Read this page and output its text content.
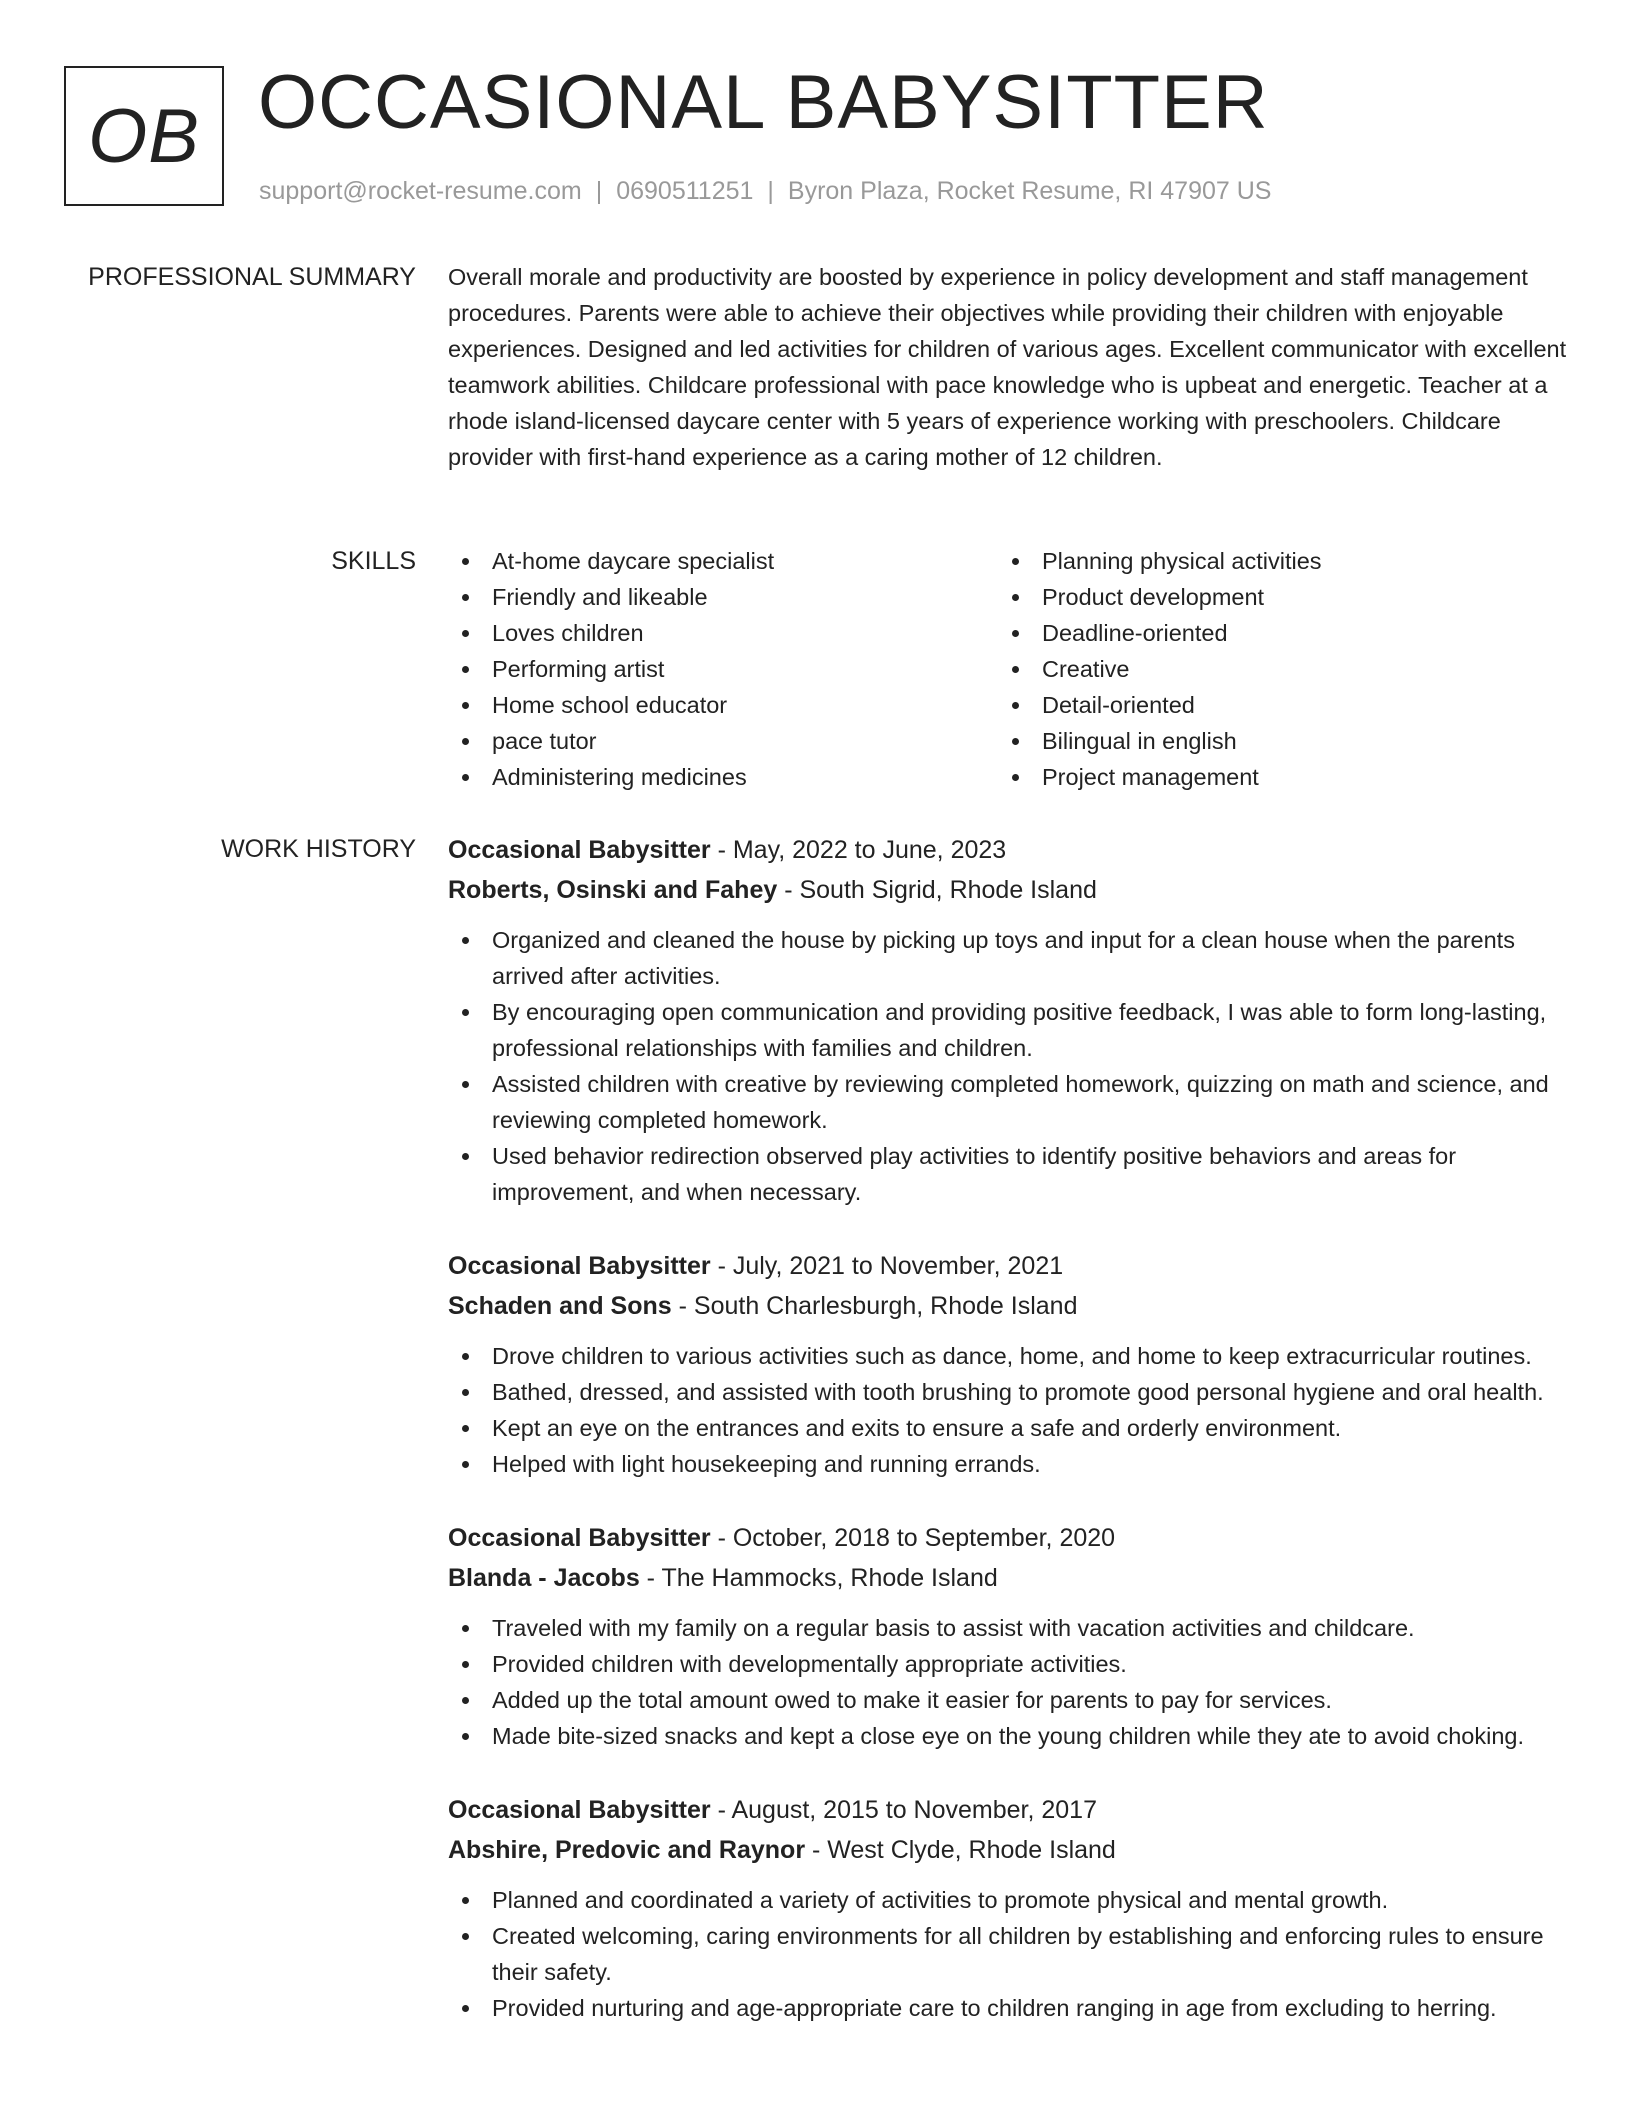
OB OCCASIONAL BABYSITTER
support@rocket-resume.com | 0690511251 | Byron Plaza, Rocket Resume, RI 47907 US
PROFESSIONAL SUMMARY Overall morale and productivity are boosted by experience in policy development and staff management procedures. Parents were able to achieve their objectives while providing their children with enjoyable experiences. Designed and led activities for children of various ages. Excellent communicator with excellent teamwork abilities. Childcare professional with pace knowledge who is upbeat and energetic. Teacher at a rhode island-licensed daycare center with 5 years of experience working with preschoolers. Childcare provider with first-hand experience as a caring mother of 12 children.

SKILLS	At-home daycare specialist
Friendly and likeable
Loves children
Performing artist
Home school educator
pace tutor
Administering medicines
Planning physical activities
Product development
Deadline-oriented
Creative
Detail-oriented
Bilingual in english
Project management
WORK HISTORY Occasional Babysitter - May, 2022 to June, 2023
Roberts, Osinski and Fahey - South Sigrid, Rhode Island
Organized and cleaned the house by picking up toys and input for a clean house when the parents arrived after activities.
By encouraging open communication and providing positive feedback, I was able to form long-lasting, professional relationships with families and children.
Assisted children with creative by reviewing completed homework, quizzing on math and science, and reviewing completed homework.
Used behavior redirection observed play activities to identify positive behaviors and areas for improvement, and when necessary.
Occasional Babysitter - July, 2021 to November, 2021
Schaden and Sons - South Charlesburgh, Rhode Island
Drove children to various activities such as dance, home, and home to keep extracurricular routines.
Bathed, dressed, and assisted with tooth brushing to promote good personal hygiene and oral health.
Kept an eye on the entrances and exits to ensure a safe and orderly environment.
Helped with light housekeeping and running errands.
Occasional Babysitter - October, 2018 to September, 2020
Blanda - Jacobs - The Hammocks, Rhode Island
Traveled with my family on a regular basis to assist with vacation activities and childcare.
Provided children with developmentally appropriate activities.
Added up the total amount owed to make it easier for parents to pay for services.
Made bite-sized snacks and kept a close eye on the young children while they ate to avoid choking.
Occasional Babysitter - August, 2015 to November, 2017
Abshire, Predovic and Raynor - West Clyde, Rhode Island
Planned and coordinated a variety of activities to promote physical and mental growth.
Created welcoming, caring environments for all children by establishing and enforcing rules to ensure their safety.
Provided nurturing and age-appropriate care to children ranging in age from excluding to herring.
